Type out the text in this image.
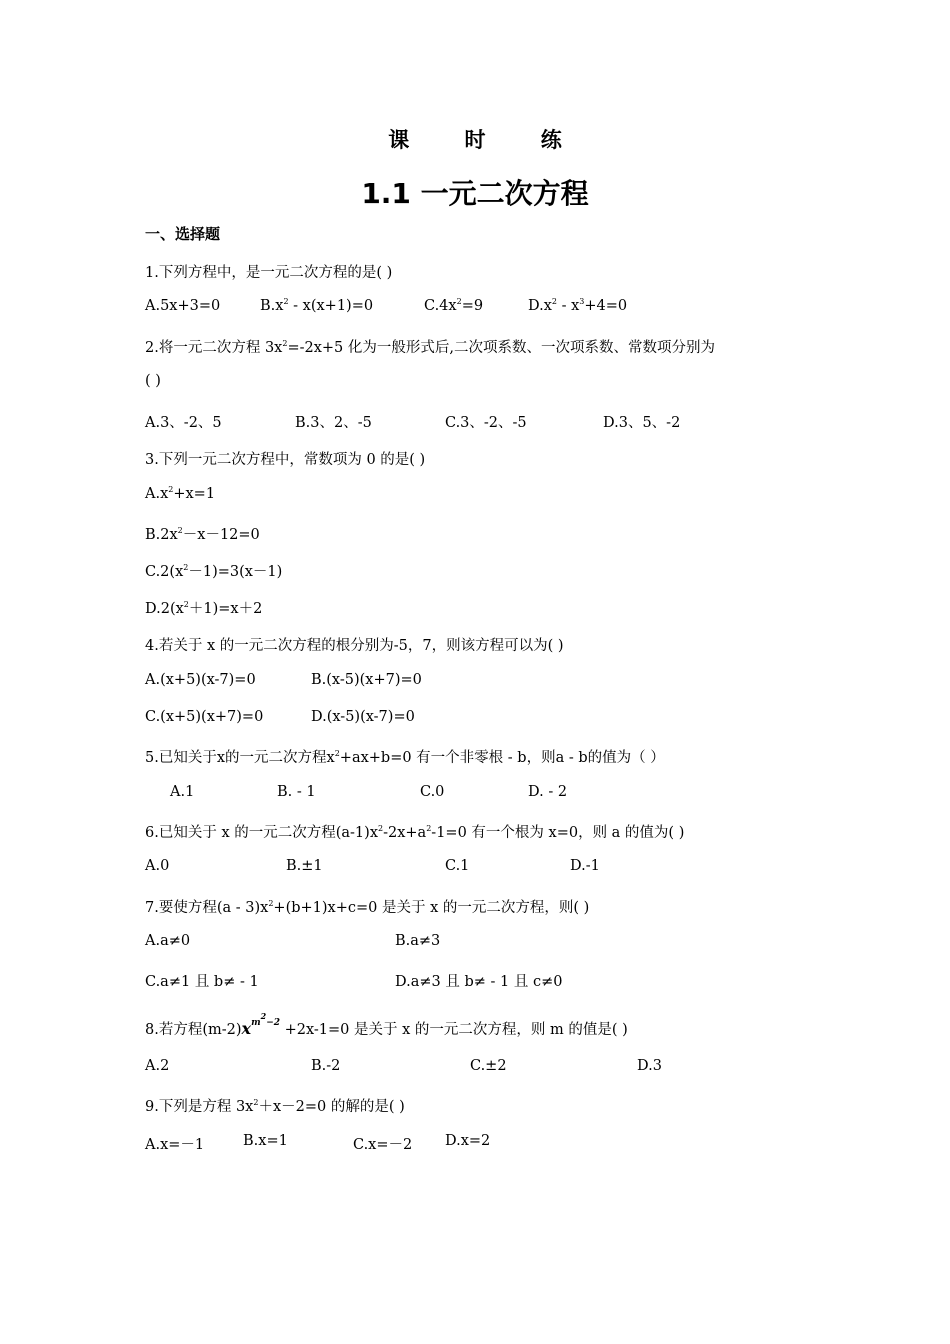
课 时 练
1.1 一元二次方程
一、选择题
1.下列方程中，是一元二次方程的是( )
A.5x+3=0	$B.x^2 - x(x+1)=0$	$C.4x^2=9$	$D.x^2 - x^3+4=0$
2.将一元二次方程 $3x^2=-2x+5$ 化为一般形式后,二次项系数、一次项系数、常数项分别为
( )
A.3、-2、5	B.3、2、-5	C.3、-2、-5	D.3、5、-2
3.下列一元二次方程中，常数项为 0 的是( )
$A.x^2+x=1$
$B.2x^2-x-12=0$
$C.2(x^2-1)=3(x-1)$
$D.2(x^2+1)=x+2$
4.若关于 x 的一元二次方程的根分别为-5，7，则该方程可以为( )
A.(x+5)(x-7)=0	B.(x-5)(x+7)=0
C.(x+5)(x+7)=0	D.(x-5)(x-7)=0
5.已知关于x的一元二次方程$x^2+ax+b=0$ 有一个非零根 - b，则a - b的值为（ ）
A.1	B. - 1	C.0	D. - 2
6.已知关于 x 的一元二次方程$(a-1)x^2-2x+a^2-1=0$ 有一个根为 x=0，则 a 的值为( )
A.0	B.±1	C.1	D.-1
7.要使方程$(a - 3)x^2+(b+1)x+c=0$ 是关于 x 的一元二次方程，则( )
A.a≠0	B.a≠3
C.a≠1 且 b≠ - 1	D.a≠3 且 b≠ - 1 且 c≠0
8.若方程$(m-2)x^{m^2-2} +2x-1=0$ 是关于 x 的一元二次方程，则 m 的值是( )
A.2	B.-2	C.±2	D.3
9.下列是方程 $3x^2+x-2=0$ 的解的是( )
A.x=－1	B.x=1	C.x=－2 D.x=2
